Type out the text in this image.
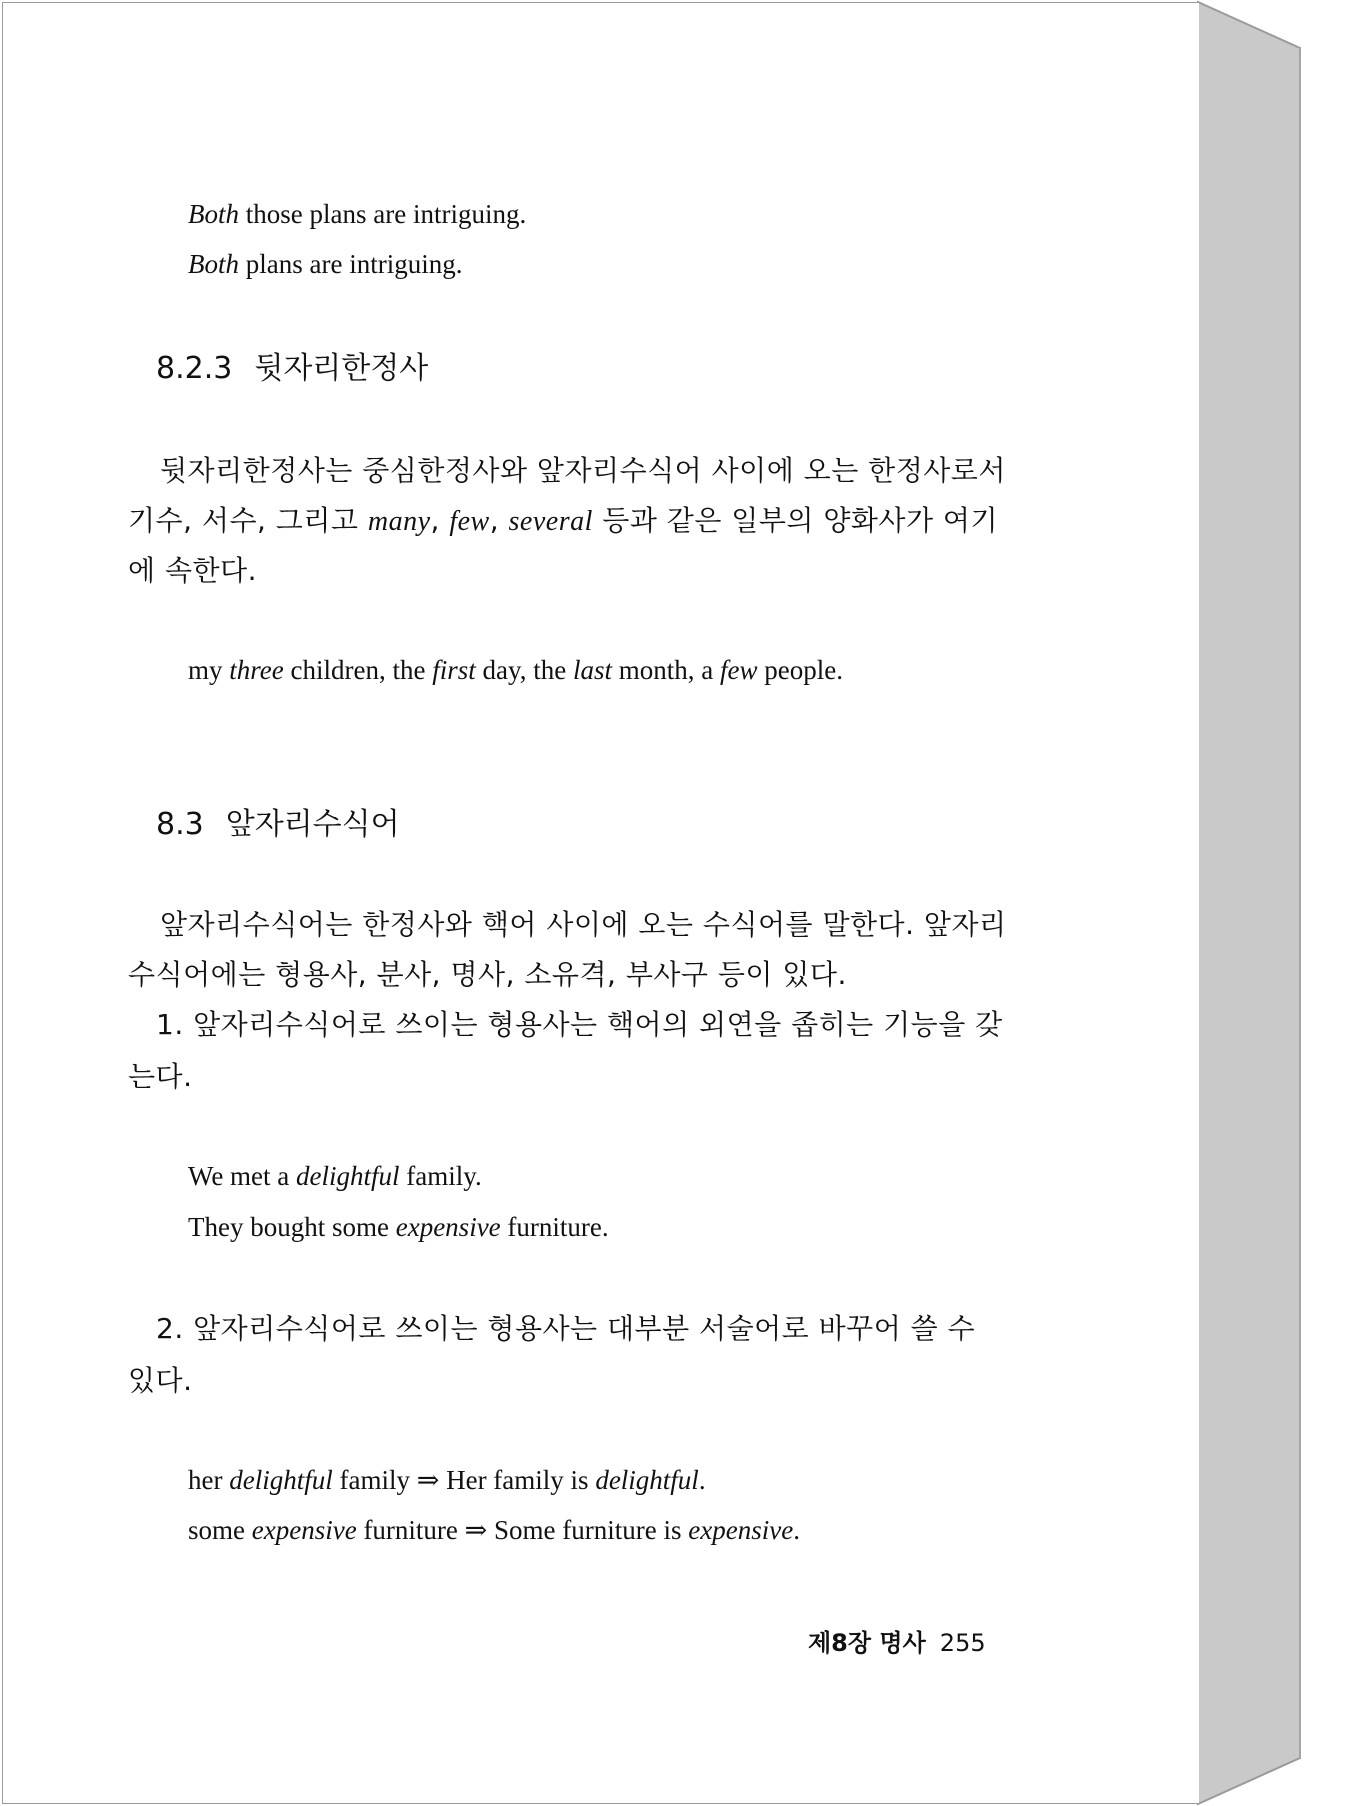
Both those plans are intriguing.
Both plans are intriguing.
8.2.3 뒷자리한정사
뒷자리한정사는 중심한정사와 앞자리수식어 사이에 오는 한정사로서
기수, 서수, 그리고 many, few, several 등과 같은 일부의 양화사가 여기
에 속한다.
my three children, the first day, the last month, a few people.
8.3 앞자리수식어
앞자리수식어는 한정사와 핵어 사이에 오는 수식어를 말한다. 앞자리
수식어에는 형용사, 분사, 명사, 소유격, 부사구 등이 있다.
1. 앞자리수식어로 쓰이는 형용사는 핵어의 외연을 좁히는 기능을 갖
는다.
We met a delightful family.
They bought some expensive furniture.
2. 앞자리수식어로 쓰이는 형용사는 대부분 서술어로 바꾸어 쓸 수
있다.
her delightful family ⇒ Her family is delightful.
some expensive furniture ⇒ Some furniture is expensive.
제8장 명사 255
